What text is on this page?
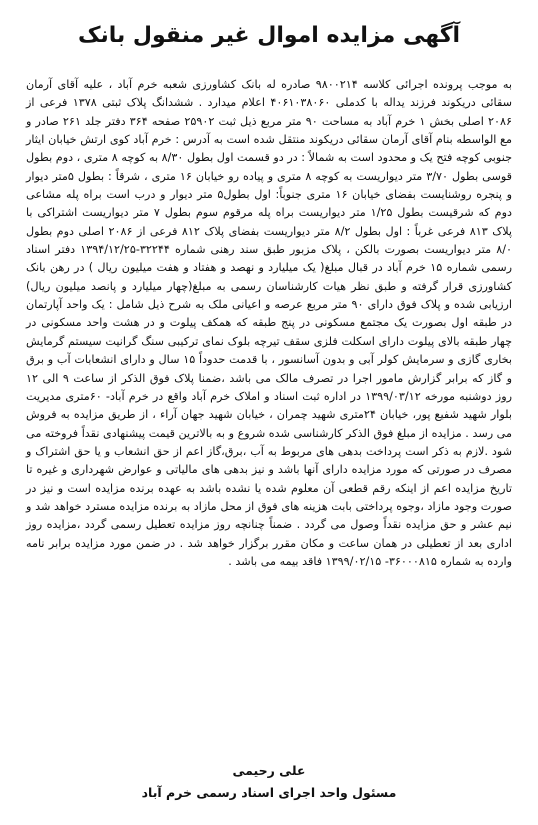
آگهی مزایده اموال غیر منقول بانک

به موجب پرونده اجرائی کلاسه ۹۸۰۰۲۱۴ صادره له بانک کشاورزی شعبه خرم آباد ، علیه آقای آرمان سقائی دریکوند فرزند یداله با کدملی ۴۰۶۱۰۳۸۰۶۰ اعلام میدارد . ششدانگ پلاک ثبتی ۱۳۷۸ فرعی از ۲۰۸۶ اصلی بخش ۱ خرم آباد به مساحت ۹۰ متر مربع ذیل ثبت ۲۵۹۰۲ صفحه ۳۶۴ دفتر جلد ۲۶۱ صادر و مع الواسطه بنام آقای آرمان سقائی دریکوند منتقل شده است به آدرس : خرم آباد کوی ارتش خیابان ایثار جنوبی کوچه فتح یک و محدود است به شمالاً : در دو قسمت اول بطول ۸/۳۰ به کوچه ۸ متری ، دوم بطول قوسی بطول ۳/۷۰ متر دیواریست به کوچه ۸ متری و پیاده رو خیابان ۱۶ متری ، شرقاً : بطول ۵متر دیوار و پنجره روشنایست بفضای خیابان ۱۶ متری جنوباً: اول بطول۵ متر دیوار و درب است براه پله مشاعی دوم که شرقیست بطول ۱/۲۵ متر دیواریست براه پله مرقوم سوم بطول ۷ متر دیواریست اشتراکی با پلاک ۸۱۳ فرعی غرباً : اول بطول ۸/۲ متر دیواریست بفضای پلاک ۸۱۲ فرعی از ۲۰۸۶ اصلی دوم بطول ۸/۰ متر دیواریست بصورت بالکن ، پلاک مزبور طبق سند رهنی شماره ۳۲۲۴۴-۱۳۹۴/۱۲/۲۵ دفتر اسناد رسمی شماره ۱۵ خرم آباد در قبال مبلغ( یک میلیارد و نهصد و هفتاد و هفت میلیون ریال ) در رهن بانک کشاورزی قرار گرفته و طبق نظر هیات کارشناسان رسمی به مبلغ(چهار میلیارد و پانصد میلیون ریال) ارزیابی شده و پلاک فوق دارای ۹۰ متر مربع عرصه و اعیانی ملک به شرح ذیل شامل : یک واحد آپارتمان در طبقه اول بصورت یک مجتمع مسکونی در پنج طبقه که همکف پیلوت و در هشت واحد مسکونی در چهار طبقه بالای پیلوت دارای اسکلت فلزی سقف تیرچه بلوک نمای ترکیبی سنگ گرانیت سیستم گرمایش بخاری گازی و سرمایش کولر آبی و بدون آسانسور ، با قدمت حدوداً ۱۵ سال و دارای انشعابات آب و برق و گاز که برابر گزارش مامور اجرا در تصرف مالک می باشد ،ضمنا پلاک فوق الذکر از ساعت ۹ الی ۱۲ روز دوشنبه مورخه ۱۳۹۹/۰۳/۱۲ در اداره ثبت اسناد و املاک خرم آباد واقع در خرم آباد- ۶۰متری مدیریت بلوار شهید شفیع پور، خیابان ۲۴متری شهید چمران ، خیابان شهید جهان آراء ، از طریق مزایده به فروش می رسد . مزایده از مبلغ فوق الذکر کارشناسی شده شروع و به بالاترین قیمت پیشنهادی نقداً فروخته می شود .لازم به ذکر است پرداخت بدهی های مربوط به آب ،برق،گاز اعم از حق انشعاب و یا حق اشتراک و مصرف در صورتی که مورد مزایده دارای آنها باشد و نیز بدهی های مالیاتی و عوارض شهرداری و غیره تا تاریخ مزایده اعم از اینکه رقم قطعی آن معلوم شده یا نشده باشد به عهده برنده مزایده است و نیز در صورت وجود مازاد ،وجوه پرداختی بابت هزینه های فوق از محل مازاد به برنده مزایده مسترد خواهد شد و نیم عشر و حق مزایده نقداً وصول می گردد . ضمناً چنانچه روز مزایده تعطیل رسمی گردد ،مزایده روز اداری بعد از تعطیلی در همان ساعت و مکان مقرر برگزار خواهد شد . در ضمن مورد مزایده برابر نامه وارده به شماره ۳۶۰۰۰۸۱۵- ۱۳۹۹/۰۲/۱۵ فاقد بیمه می باشد .

علی رحیمی
مسئول واحد اجرای اسناد رسمی خرم آباد
